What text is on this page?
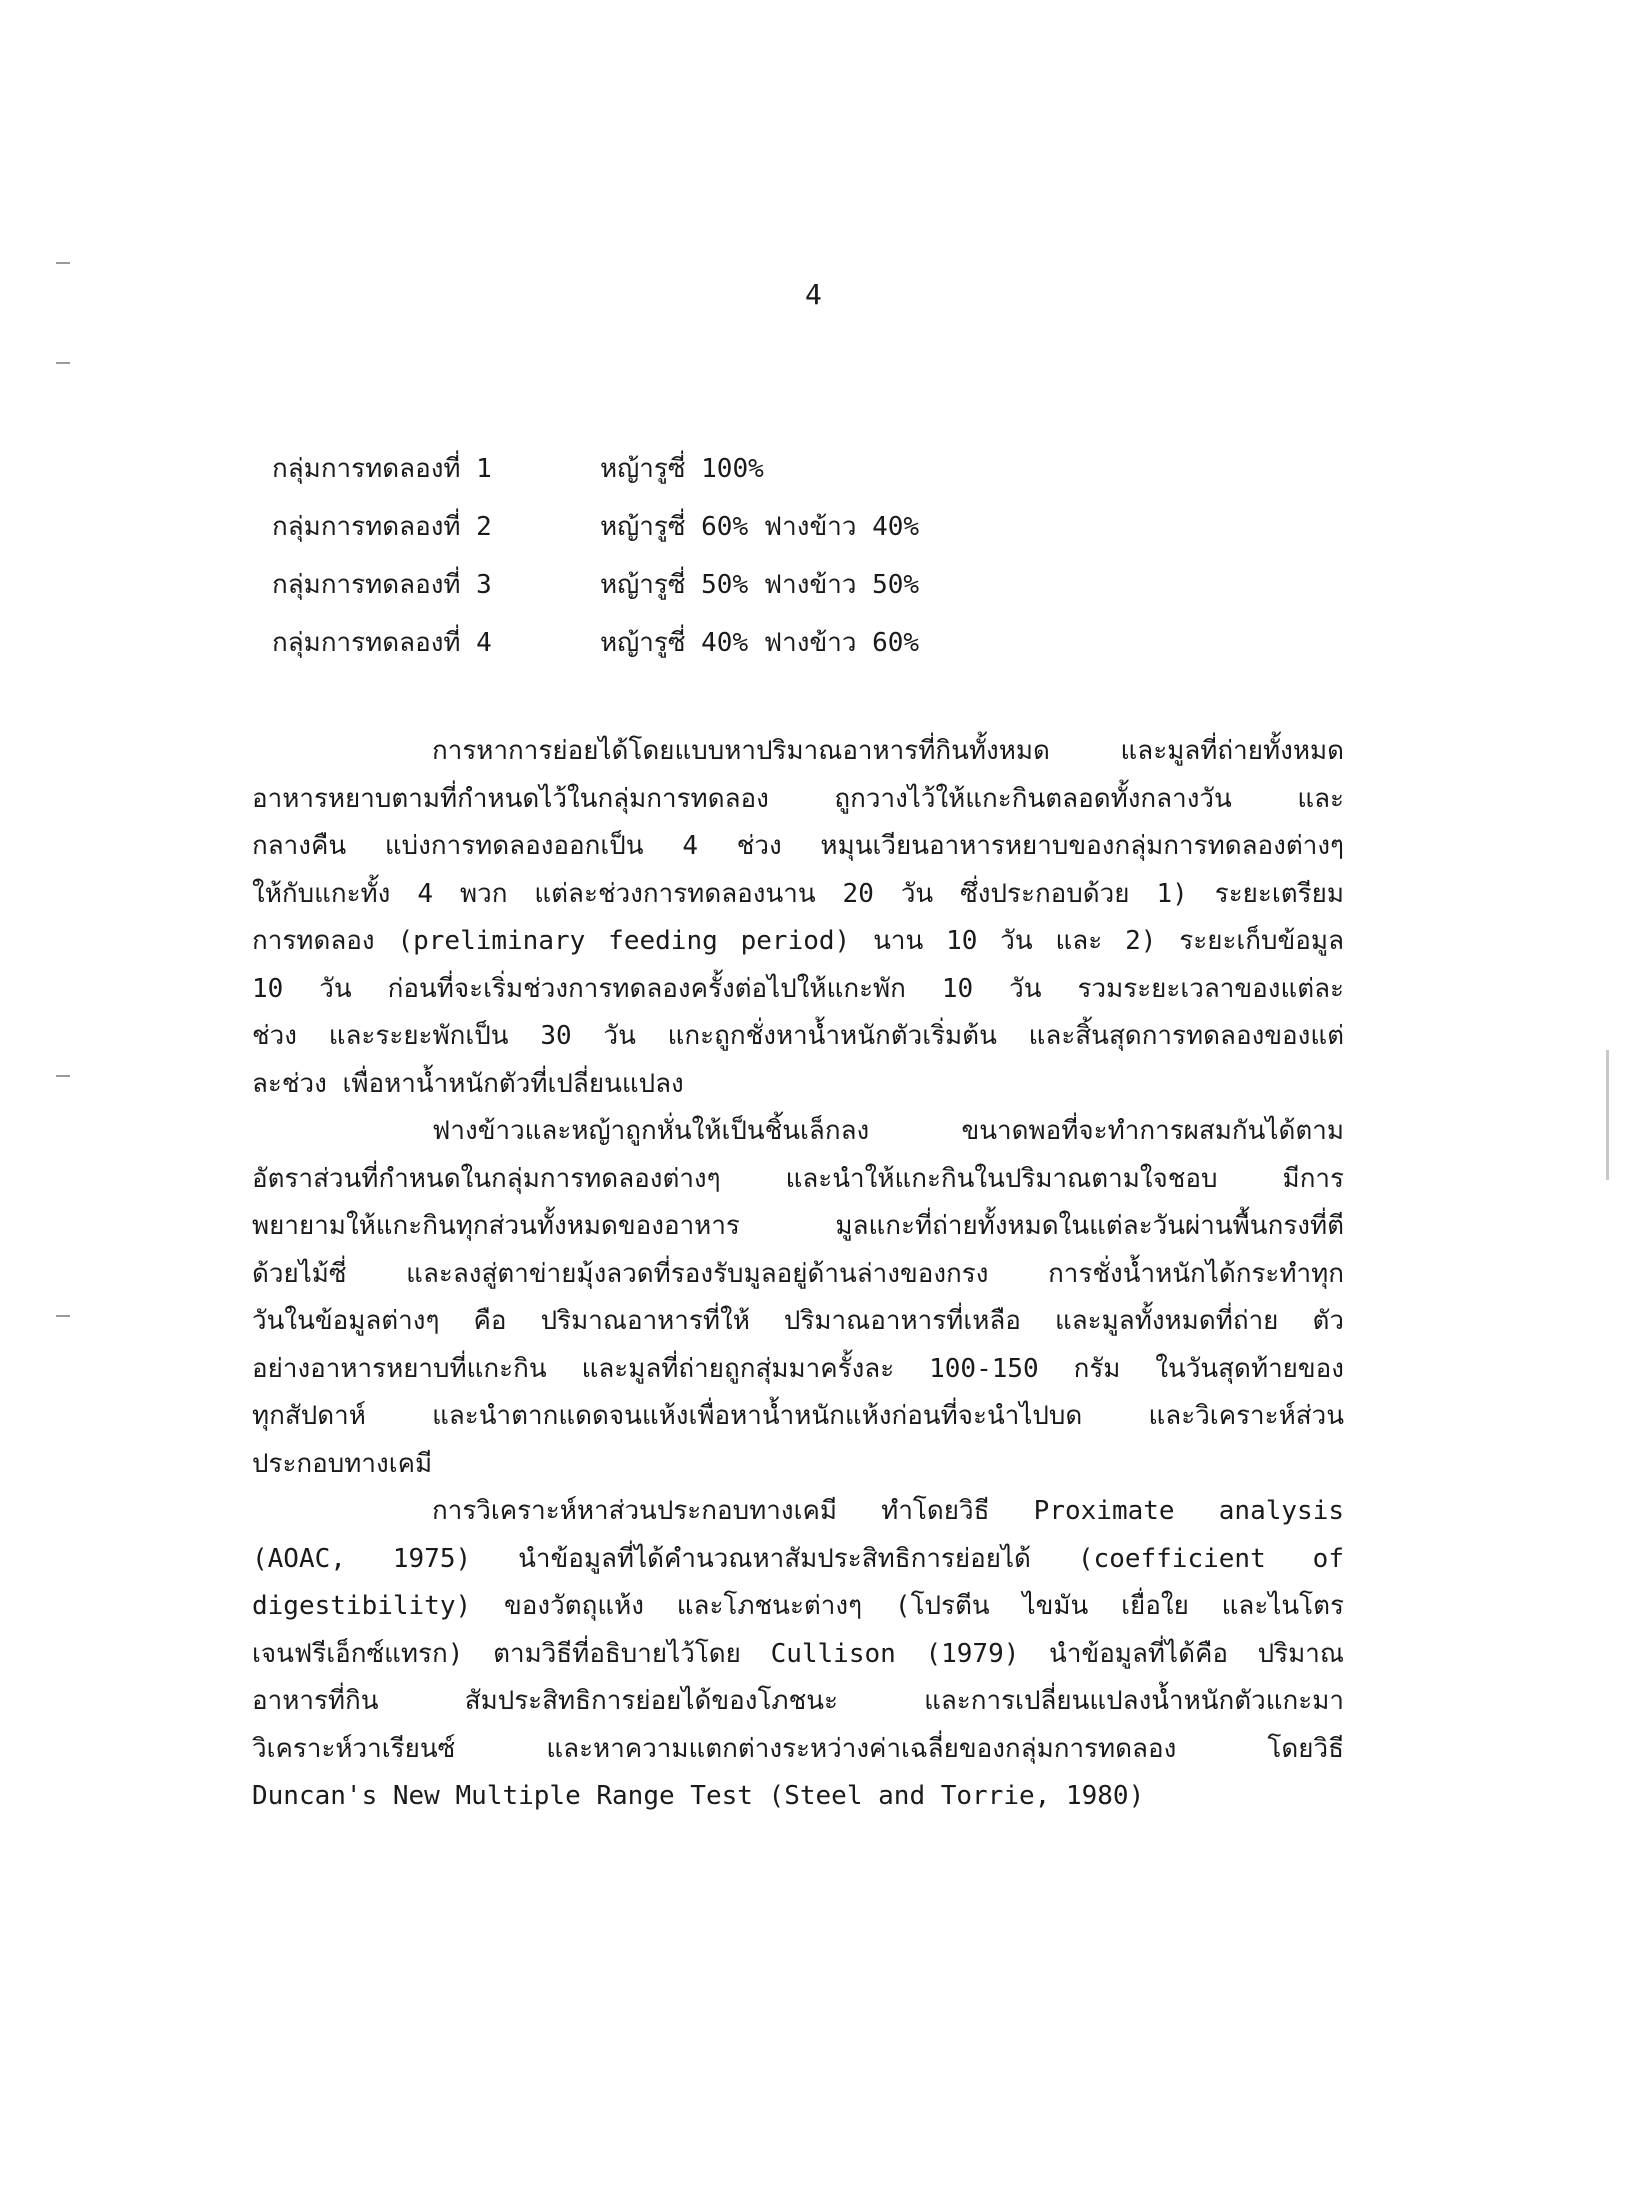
4
กลุ่มการทดลองที่ 1	หญ้ารูซี่ 100%
กลุ่มการทดลองที่ 2	หญ้ารูซี่ 60% ฟางข้าว 40%
กลุ่มการทดลองที่ 3	หญ้ารูซี่ 50% ฟางข้าว 50%
กลุ่มการทดลองที่ 4	หญ้ารูซี่ 40% ฟางข้าว 60%
การหาการย่อยได้โดยแบบหาปริมาณอาหารที่กินทั้งหมด และมูลที่ถ่ายทั้งหมด
อาหารหยาบตามที่กำหนดไว้ในกลุ่มการทดลอง ถูกวางไว้ให้แกะกินตลอดทั้งกลางวัน และ
กลางคืน แบ่งการทดลองออกเป็น 4 ช่วง หมุนเวียนอาหารหยาบของกลุ่มการทดลองต่างๆ
ให้กับแกะทั้ง 4 พวก แต่ละช่วงการทดลองนาน 20 วัน ซึ่งประกอบด้วย 1) ระยะเตรียม
การทดลอง (preliminary feeding period) นาน 10 วัน และ 2) ระยะเก็บข้อมูล
10 วัน ก่อนที่จะเริ่มช่วงการทดลองครั้งต่อไปให้แกะพัก 10 วัน รวมระยะเวลาของแต่ละ
ช่วง และระยะพักเป็น 30 วัน แกะถูกชั่งหาน้ำหนักตัวเริ่มต้น และสิ้นสุดการทดลองของแต่
ละช่วง เพื่อหาน้ำหนักตัวที่เปลี่ยนแปลง
ฟางข้าวและหญ้าถูกหั่นให้เป็นชิ้นเล็กลง ขนาดพอที่จะทำการผสมกันได้ตาม
อัตราส่วนที่กำหนดในกลุ่มการทดลองต่างๆ และนำให้แกะกินในปริมาณตามใจชอบ มีการ
พยายามให้แกะกินทุกส่วนทั้งหมดของอาหาร มูลแกะที่ถ่ายทั้งหมดในแต่ละวันผ่านพื้นกรงที่ตี
ด้วยไม้ซี่ และลงสู่ตาข่ายมุ้งลวดที่รองรับมูลอยู่ด้านล่างของกรง การชั่งน้ำหนักได้กระทำทุก
วันในข้อมูลต่างๆ คือ ปริมาณอาหารที่ให้ ปริมาณอาหารที่เหลือ และมูลทั้งหมดที่ถ่าย ตัว
อย่างอาหารหยาบที่แกะกิน และมูลที่ถ่ายถูกสุ่มมาครั้งละ 100-150 กรัม ในวันสุดท้ายของ
ทุกสัปดาห์ และนำตากแดดจนแห้งเพื่อหาน้ำหนักแห้งก่อนที่จะนำไปบด และวิเคราะห์ส่วน
ประกอบทางเคมี
การวิเคราะห์หาส่วนประกอบทางเคมี ทำโดยวิธี Proximate analysis
(AOAC, 1975) นำข้อมูลที่ได้คำนวณหาสัมประสิทธิการย่อยได้ (coefficient of
digestibility) ของวัตถุแห้ง และโภชนะต่างๆ (โปรตีน ไขมัน เยื่อใย และไนโตร
เจนฟรีเอ็กซ์แทรก) ตามวิธีที่อธิบายไว้โดย Cullison (1979) นำข้อมูลที่ได้คือ ปริมาณ
อาหารที่กิน สัมประสิทธิการย่อยได้ของโภชนะ และการเปลี่ยนแปลงน้ำหนักตัวแกะมา
วิเคราะห์วาเรียนซ์ และหาความแตกต่างระหว่างค่าเฉลี่ยของกลุ่มการทดลอง โดยวิธี
Duncan's New Multiple Range Test (Steel and Torrie, 1980)
